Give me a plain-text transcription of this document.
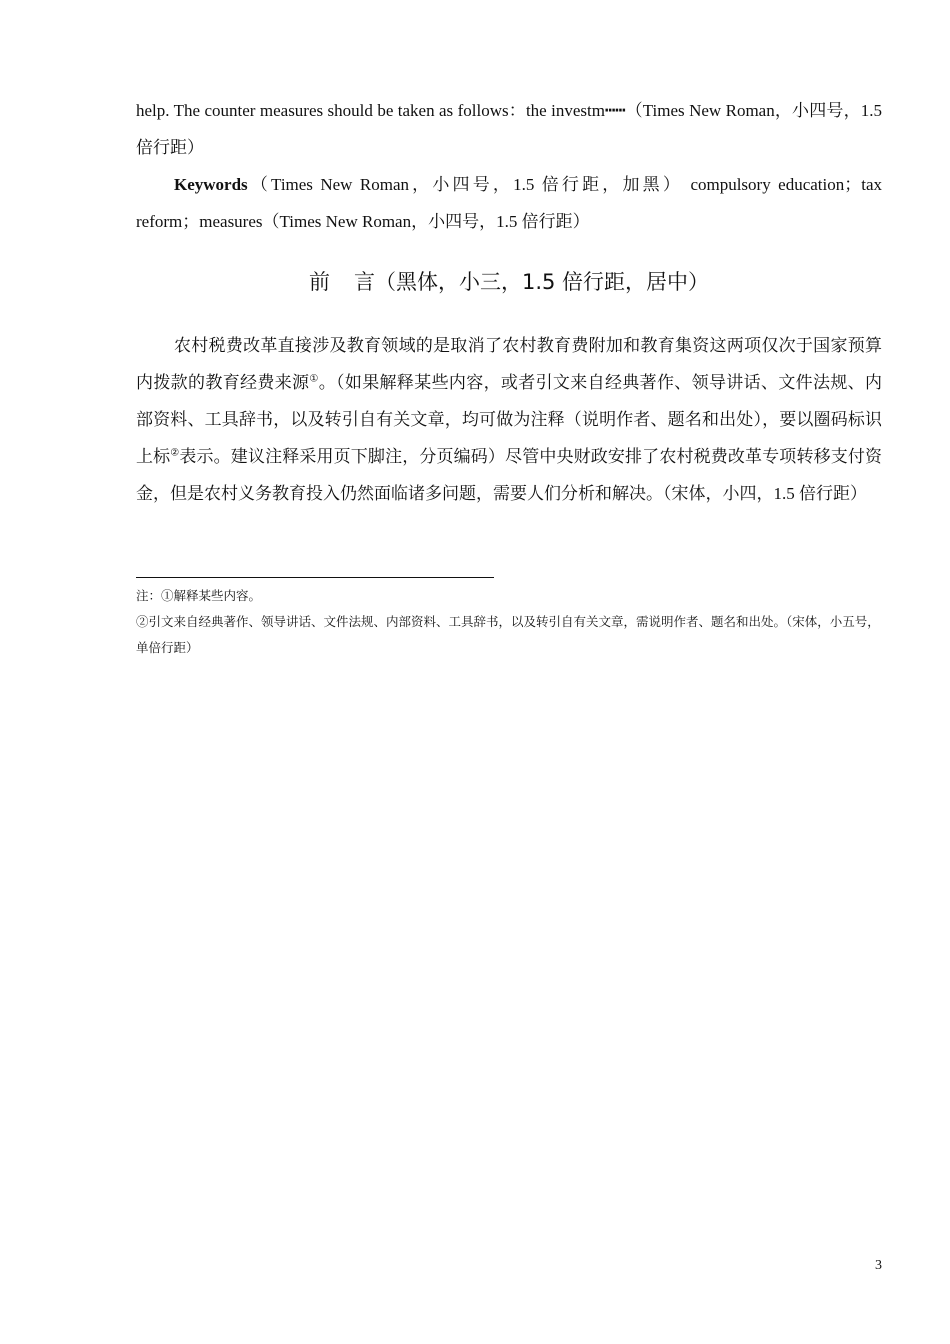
help. The counter measures should be taken as follows：the investm┅┅（Times New Roman，小四号，1.5 倍行距）

Keywords（Times New Roman，小四号，1.5 倍行距，加黑） compulsory education；tax reform；measures（Times New Roman，小四号，1.5 倍行距）

前 言（黑体，小三，1.5 倍行距，居中）

农村税费改革直接涉及教育领域的是取消了农村教育费附加和教育集资这两项仅次于国家预算内拨款的教育经费来源①。（如果解释某些内容，或者引文来自经典著作、领导讲话、文件法规、内部资料、工具辞书，以及转引自有关文章，均可做为注释（说明作者、题名和出处），要以圈码标识上标②表示。建议注释采用页下脚注，分页编码）尽管中央财政安排了农村税费改革专项转移支付资金，但是农村义务教育投入仍然面临诸多问题，需要人们分析和解决。（宋体，小四，1.5 倍行距）

注：①解释某些内容。

②引文来自经典著作、领导讲话、文件法规、内部资料、工具辞书，以及转引自有关文章，需说明作者、题名和出处。（宋体，小五号，单倍行距）

3
